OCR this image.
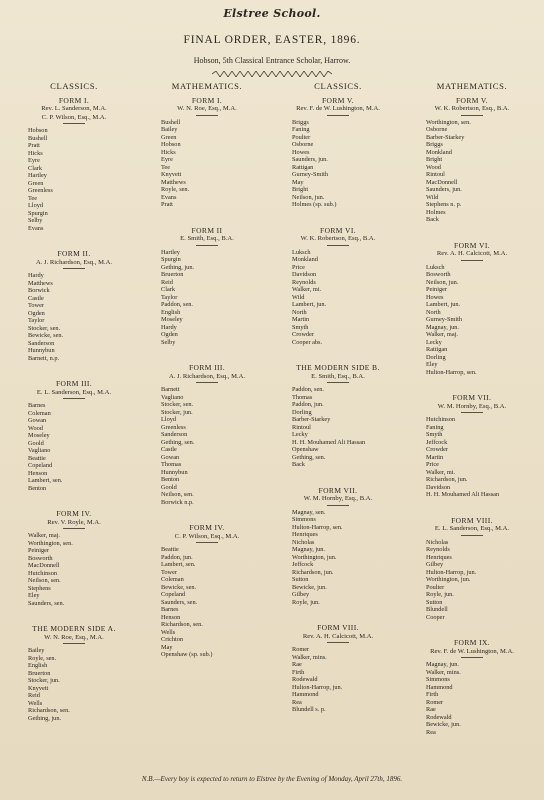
Elstree School.
FINAL ORDER, EASTER, 1896.
Hobson, 5th Classical Entrance Scholar, Harrow.
CLASSICS.
FORM I.
Rev. L. Sanderson, M.A.
C. P. Wilson, Esq., M.A.
Hobson
Bushell
Pratt
Hicks
Eyre
Clark
Hartley
Green
Greenless
Tee
Lloyd
Spurgin
Selby
Evans
FORM II.
A. J. Richardson, Esq., M.A.
Hardy
Matthews
Borwick
Castle
Tower
Ogden
Taylor
Stocker, sen.
Bewicke, sen.
Sanderson
Hunnybun
Barnett, n.p.
FORM III.
E. L. Sanderson, Esq., M.A.
Barnes
Coleman
Gowan
Wood
Moseley
Goold
Vagliano
Beattie
Copeland
Henson
Lambert, sen.
Benton
FORM IV.
Rev. V. Royle, M.A.
Walker, maj.
Worthington, sen.
Peiniger
Bosworth
MacDonnell
Hutchinson
Neilson, sen.
Stephens
Eley
Saunders, sen.
THE MODERN SIDE A.
W. N. Roe, Esq., M.A.
Bailey
Royle, sen.
English
Bruerton
Stocker, jun.
Knyvett
Reid
Wells
Richardson, sen.
Gething, jun.
MATHEMATICS.
FORM I.
W. N. Roe, Esq., M.A.
Bushell
Bailey
Green
Hobson
Hicks
Eyre
Tee
Knyvett
Matthews
Royle, sen.
Evans
Pratt
FORM II
E. Smith, Esq., B.A.
Hartley
Spurgin
Gething, jun.
Bruerton
Reid
Clark
Taylor
Paddon, sen.
English
Moseley
Hardy
Ogden
Selby
FORM III.
A. J. Richardson, Esq., M.A.
Barnett
Vagliano
Stocker, sen.
Stocker, jun.
Lloyd
Greenless
Sanderson
Gething, sen.
Castle
Gowan
Thomas
Hunnybun
Benton
Goold
Neilson, sen.
Borwick n.p.
FORM IV.
C. P. Wilson, Esq., M.A.
Beattie
Paddon, jun.
Lambert, sen.
Tower
Coleman
Bewicke, sen.
Copeland
Saunders, sen.
Barnes
Henson
Richardson, sen.
Wells
Crichton
May
Openshaw (sp. sub.)
CLASSICS.
FORM V.
Rev. F. de W. Lushington, M.A.
Briggs
Faning
Poulter
Osborne
Howes
Saunders, jun.
Rattigan
Gurney-Smith
May
Bright
Neilson, jun.
Holmes (sp. sub.)
FORM VI.
W. K. Robertson, Esq., B.A.
Luksch
Monkland
Price
Davidson
Reynolds
Walker, mi.
Wild
Lambert, jun.
North
Martin
Smyth
Crowder
Cooper abs.
THE MODERN SIDE B.
E. Smith, Esq., B.A.
Paddon, sen.
Thomas
Paddon, jun.
Dorling
Barber-Starkey
Rintoul
Lecky
H. H. Mouhamed Ali Hassan
Openshaw
Gething, sen.
Back
FORM VII.
W. M. Hornby, Esq., B.A.
Magnay, sen.
Simmons
Hulton-Harrop, sen.
Henriques
Nicholas
Magnay, jun.
Worthington, jun.
Jeffcock
Richardson, jun.
Sutton
Bewicke, jun.
Gilbey
Royle, jun.
FORM VIII.
Rev. A. H. Calcicott, M.A.
Romer
Walker, mins.
Rae
Firth
Rodewald
Hulton-Harrop, jun.
Hammond
Rea
Blundell s. p.
MATHEMATICS.
FORM V.
W. K. Robertson, Esq., B.A.
Worthington, sen.
Osborne
Barber-Starkey
Briggs
Monkland
Bright
Wood
Rintoul
MacDonnell
Saunders, jun.
Wild
Stephens n. p.
Holmes
Back
FORM VI.
Rev. A. H. Calcicott, M.A.
Luksch
Bosworth
Neilson, jun.
Peiniger
Howes
Lambert, jun.
North
Gurney-Smith
Magnay, jun.
Walker, maj.
Lecky
Rattigan
Dorling
Eley
Hulton-Harrop, sen.
FORM VII.
W. M. Hornby, Esq., B.A.
Hutchinson
Faning
Smyth
Jeffcock
Crowder
Martin
Price
Walker, mi.
Richardson, jun.
Davidson
H. H. Mouhamed Ali Hassan
FORM VIII.
E. L. Sanderson, Esq., M.A.
Nicholas
Reynolds
Henriques
Gilbey
Hulton-Harrop, jun.
Worthington, jun.
Poulter
Royle, jun.
Sutton
Blundell
Cooper
FORM IX.
Rev. F. de W. Lushington, M.A.
Magnay, jun.
Walker, mins.
Simmons
Hammond
Firth
Romer
Rae
Rodewald
Bewicke, jun.
Rea
N.B.—Every boy is expected to return to Elstree by the Evening of Monday, April 27th, 1896.
